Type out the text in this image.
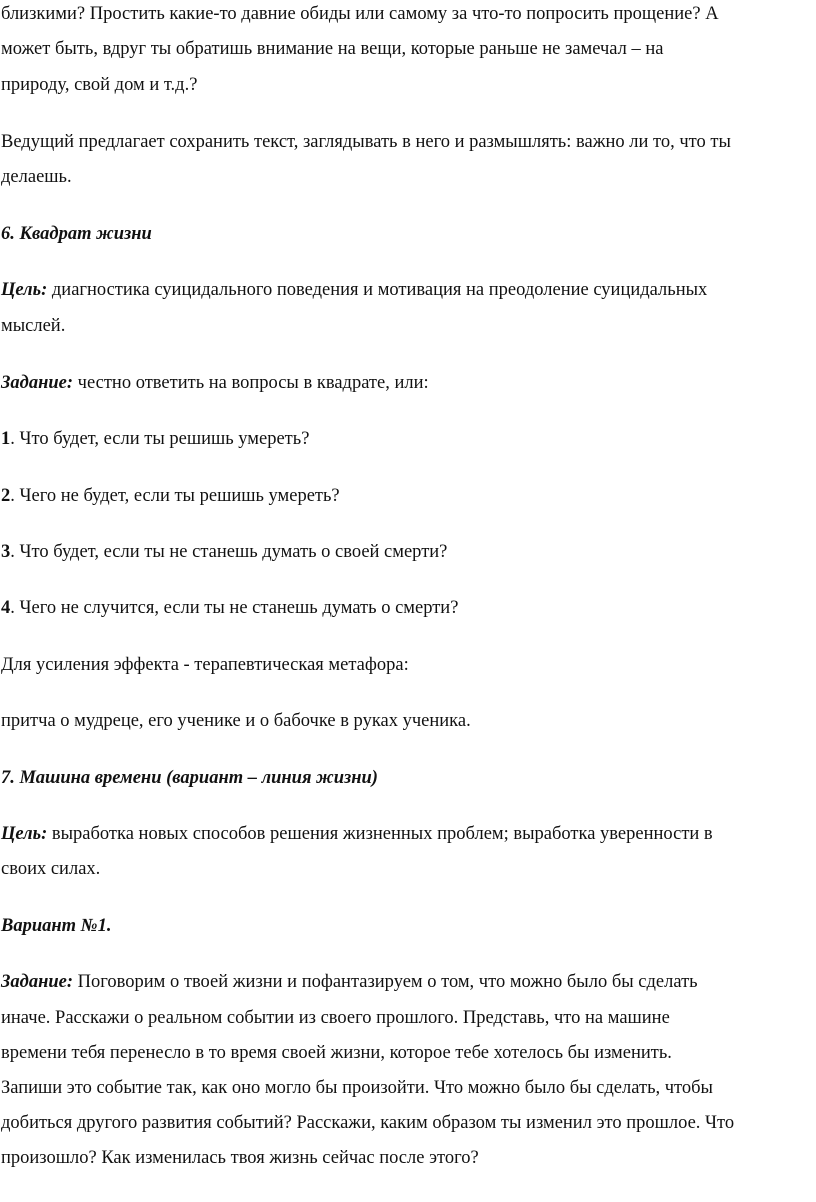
близкими? Простить какие-то давние обиды или самому за что-то попросить прощение? А
может быть, вдруг ты обратишь внимание на вещи, которые раньше не замечал – на
природу, свой дом и т.д.?
Ведущий предлагает сохранить текст, заглядывать в него и размышлять: важно ли то, что ты
делаешь.
6. Квадрат жизни
Цель: диагностика суицидального поведения и мотивация на преодоление суицидальных
мыслей.
Задание: честно ответить на вопросы в квадрате, или:
1. Что будет, если ты решишь умереть?
2. Чего не будет, если ты решишь умереть?
3. Что будет, если ты не станешь думать о своей смерти?
4. Чего не случится, если ты не станешь думать о смерти?
Для усиления эффекта - терапевтическая метафора:
притча о мудреце, его ученике и о бабочке в руках ученика.
7. Машина времени (вариант – линия жизни)
Цель: выработка новых способов решения жизненных проблем; выработка уверенности в
своих силах.
Вариант №1.
Задание: Поговорим о твоей жизни и пофантазируем о том, что можно было бы сделать
иначе. Расскажи о реальном событии из своего прошлого. Представь, что на машине
времени тебя перенесло в то время своей жизни, которое тебе хотелось бы изменить.
Запиши это событие так, как оно могло бы произойти. Что можно было бы сделать, чтобы
добиться другого развития событий? Расскажи, каким образом ты изменил это прошлое. Что
произошло? Как изменилась твоя жизнь сейчас после этого?
